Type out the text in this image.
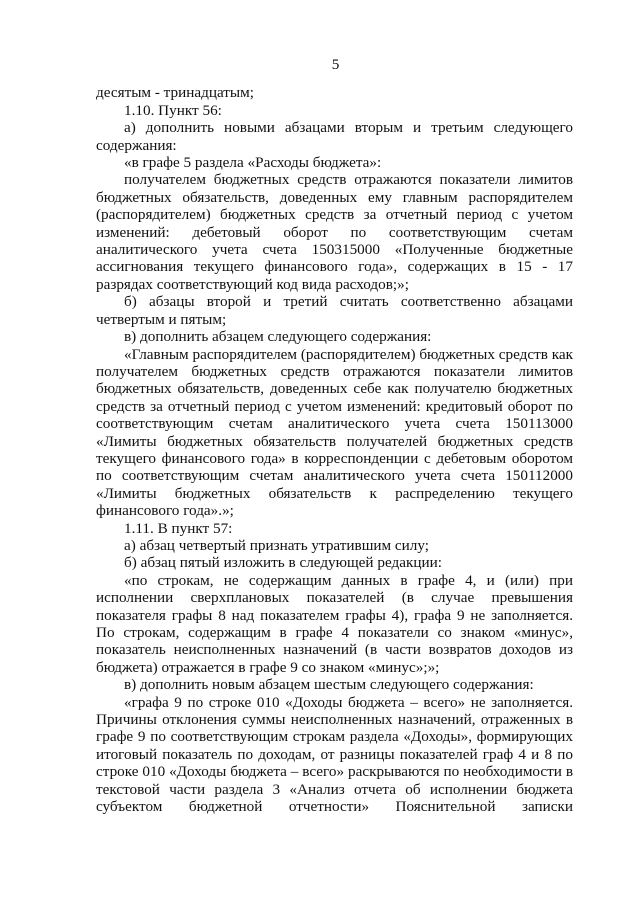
5

десятым - тринадцатым;

1.10. Пункт 56:

а) дополнить новыми абзацами вторым и третьим следующего содержания:

«в графе 5 раздела «Расходы бюджета»:

получателем бюджетных средств отражаются показатели лимитов бюджетных обязательств, доведенных ему главным распорядителем (распорядителем) бюджетных средств за отчетный период с учетом изменений: дебетовый оборот по соответствующим счетам аналитического учета счета 150315000 «Полученные бюджетные ассигнования текущего финансового года», содержащих в 15 - 17 разрядах соответствующий код вида расходов;»;

б) абзацы второй и третий считать соответственно абзацами четвертым и пятым;

в) дополнить абзацем следующего содержания:

«Главным распорядителем (распорядителем) бюджетных средств как получателем бюджетных средств отражаются показатели лимитов бюджетных обязательств, доведенных себе как получателю бюджетных средств за отчетный период с учетом изменений: кредитовый оборот по соответствующим счетам аналитического учета счета 150113000 «Лимиты бюджетных обязательств получателей бюджетных средств текущего финансового года» в корреспонденции с дебетовым оборотом по соответствующим счетам аналитического учета счета 150112000 «Лимиты бюджетных обязательств к распределению текущего финансового года».»;

1.11. В пункт 57:

а) абзац четвертый признать утратившим силу;

б) абзац пятый изложить в следующей редакции:

«по строкам, не содержащим данных в графе 4, и (или) при исполнении сверхплановых показателей (в случае превышения показателя графы 8 над показателем графы 4), графа 9 не заполняется. По строкам, содержащим в графе 4 показатели со знаком «минус», показатель неисполненных назначений (в части возвратов доходов из бюджета) отражается в графе 9 со знаком «минус»;»;

в) дополнить новым абзацем шестым следующего содержания:

«графа 9 по строке 010 «Доходы бюджета – всего» не заполняется. Причины отклонения суммы неисполненных назначений, отраженных в графе 9 по соответствующим строкам раздела «Доходы», формирующих итоговый показатель по доходам, от разницы показателей граф 4 и 8 по строке 010 «Доходы бюджета – всего» раскрываются по необходимости в текстовой части раздела 3 «Анализ отчета об исполнении бюджета субъектом бюджетной отчетности» Пояснительной записки
